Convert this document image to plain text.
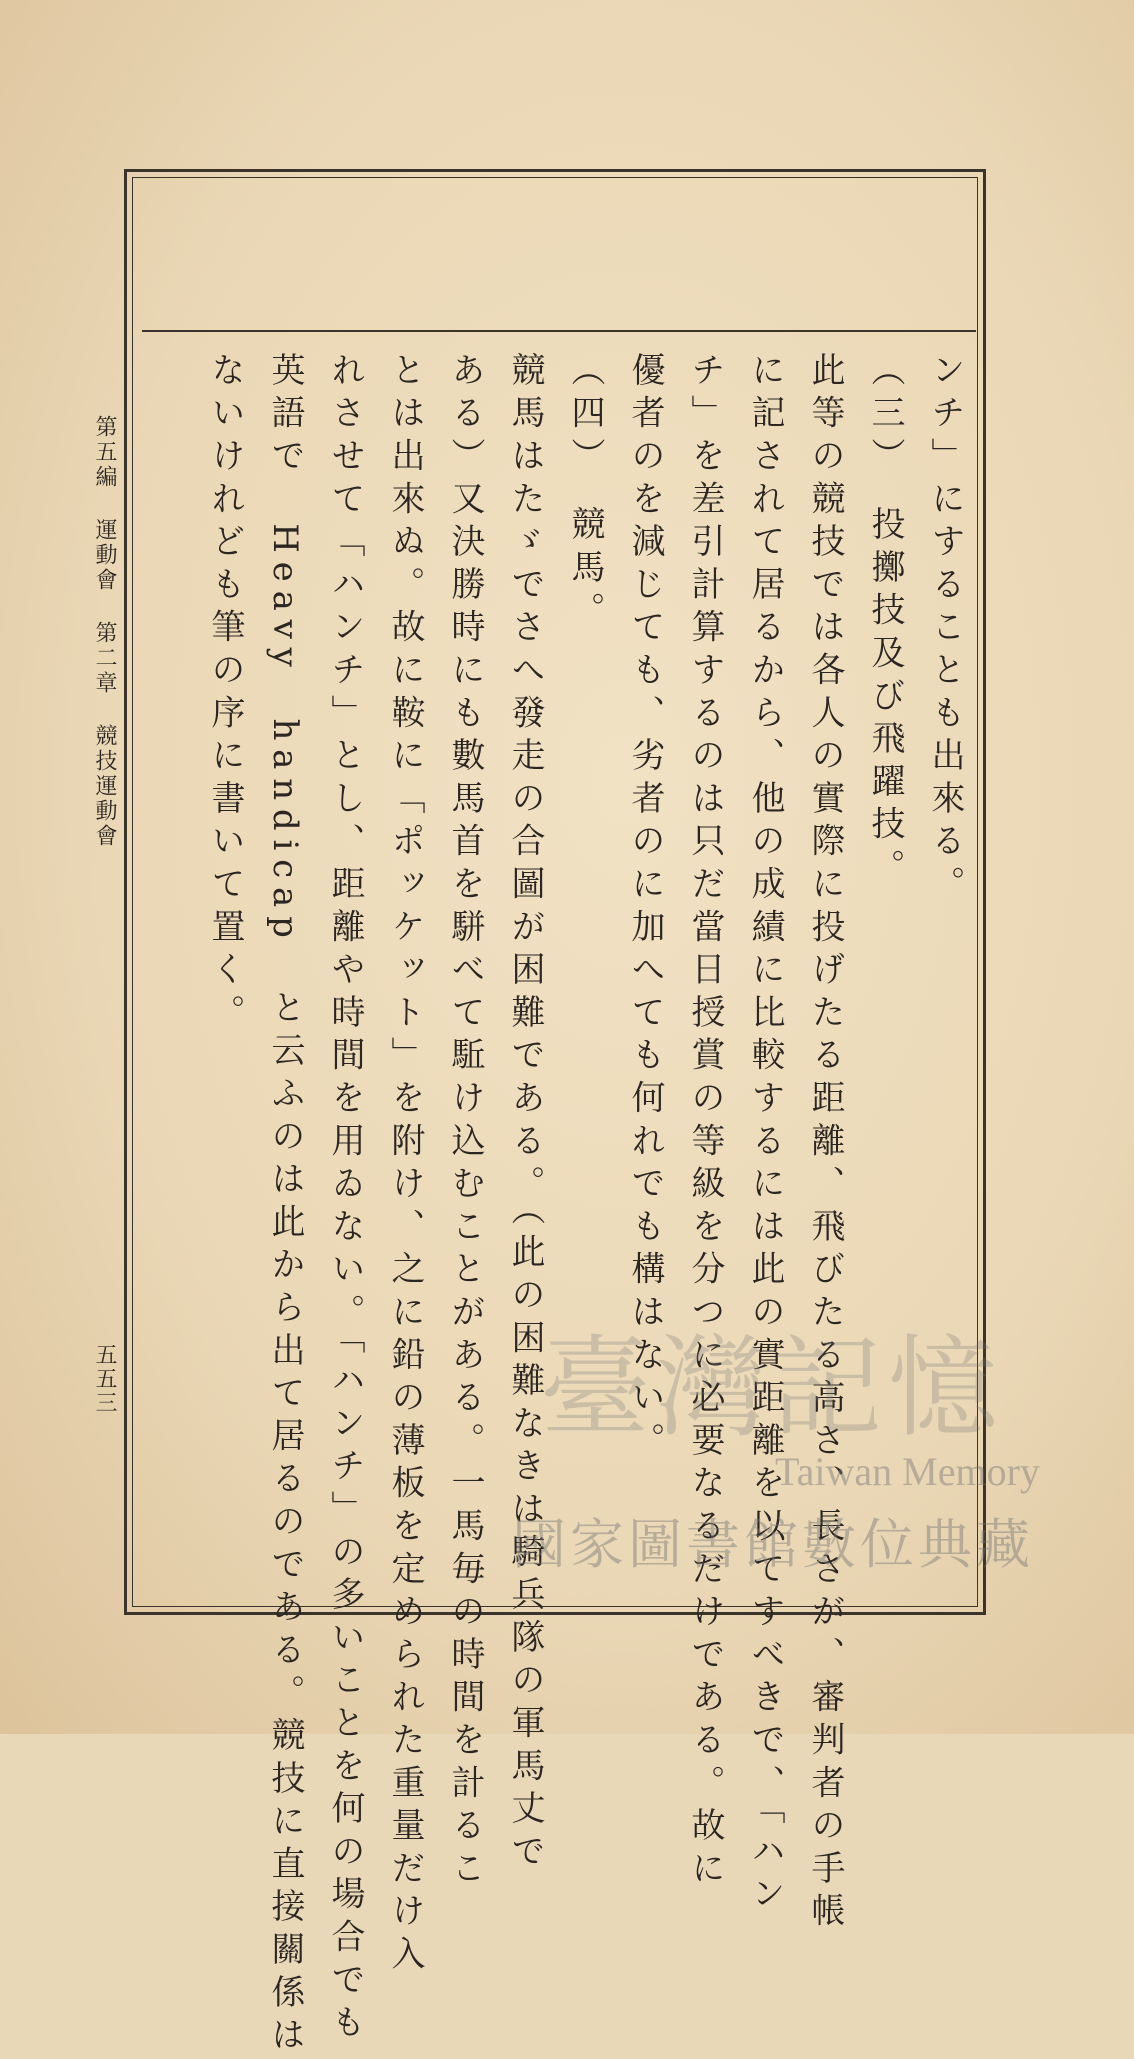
ンチ」にすることも出來る。
（三）　投擲技及び飛躍技。
此等の競技では各人の實際に投げたる距離、飛びたる高さ、長さが、審判者の手帳
に記されて居るから、他の成績に比較するには此の實距離を以てすべきで、「ハン
チ」を差引計算するのは只だ當日授賞の等級を分つに必要なるだけである。故に
優者のを減じても、劣者のに加へても何れでも構はない。
（四）　競馬。
競馬はたゞでさへ發走の合圖が困難である。（此の困難なきは騎兵隊の軍馬丈で
ある）又決勝時にも數馬首を駢べて駈け込むことがある。一馬毎の時間を計るこ
とは出來ぬ。故に鞍に「ポッケット」を附け、之に鉛の薄板を定められた重量だけ入
れさせて「ハンチ」とし、距離や時間を用ゐない。「ハンチ」の多いことを何の場合でも
英語で　Heavy　handicap　と云ふのは此から出て居るのである。競技に直接關係は
ないけれども筆の序に書いて置く。
第五編 運動會 第二章 競技運動會
五五三	臺灣記憶
Taiwan Memory
國家圖書館數位典藏
